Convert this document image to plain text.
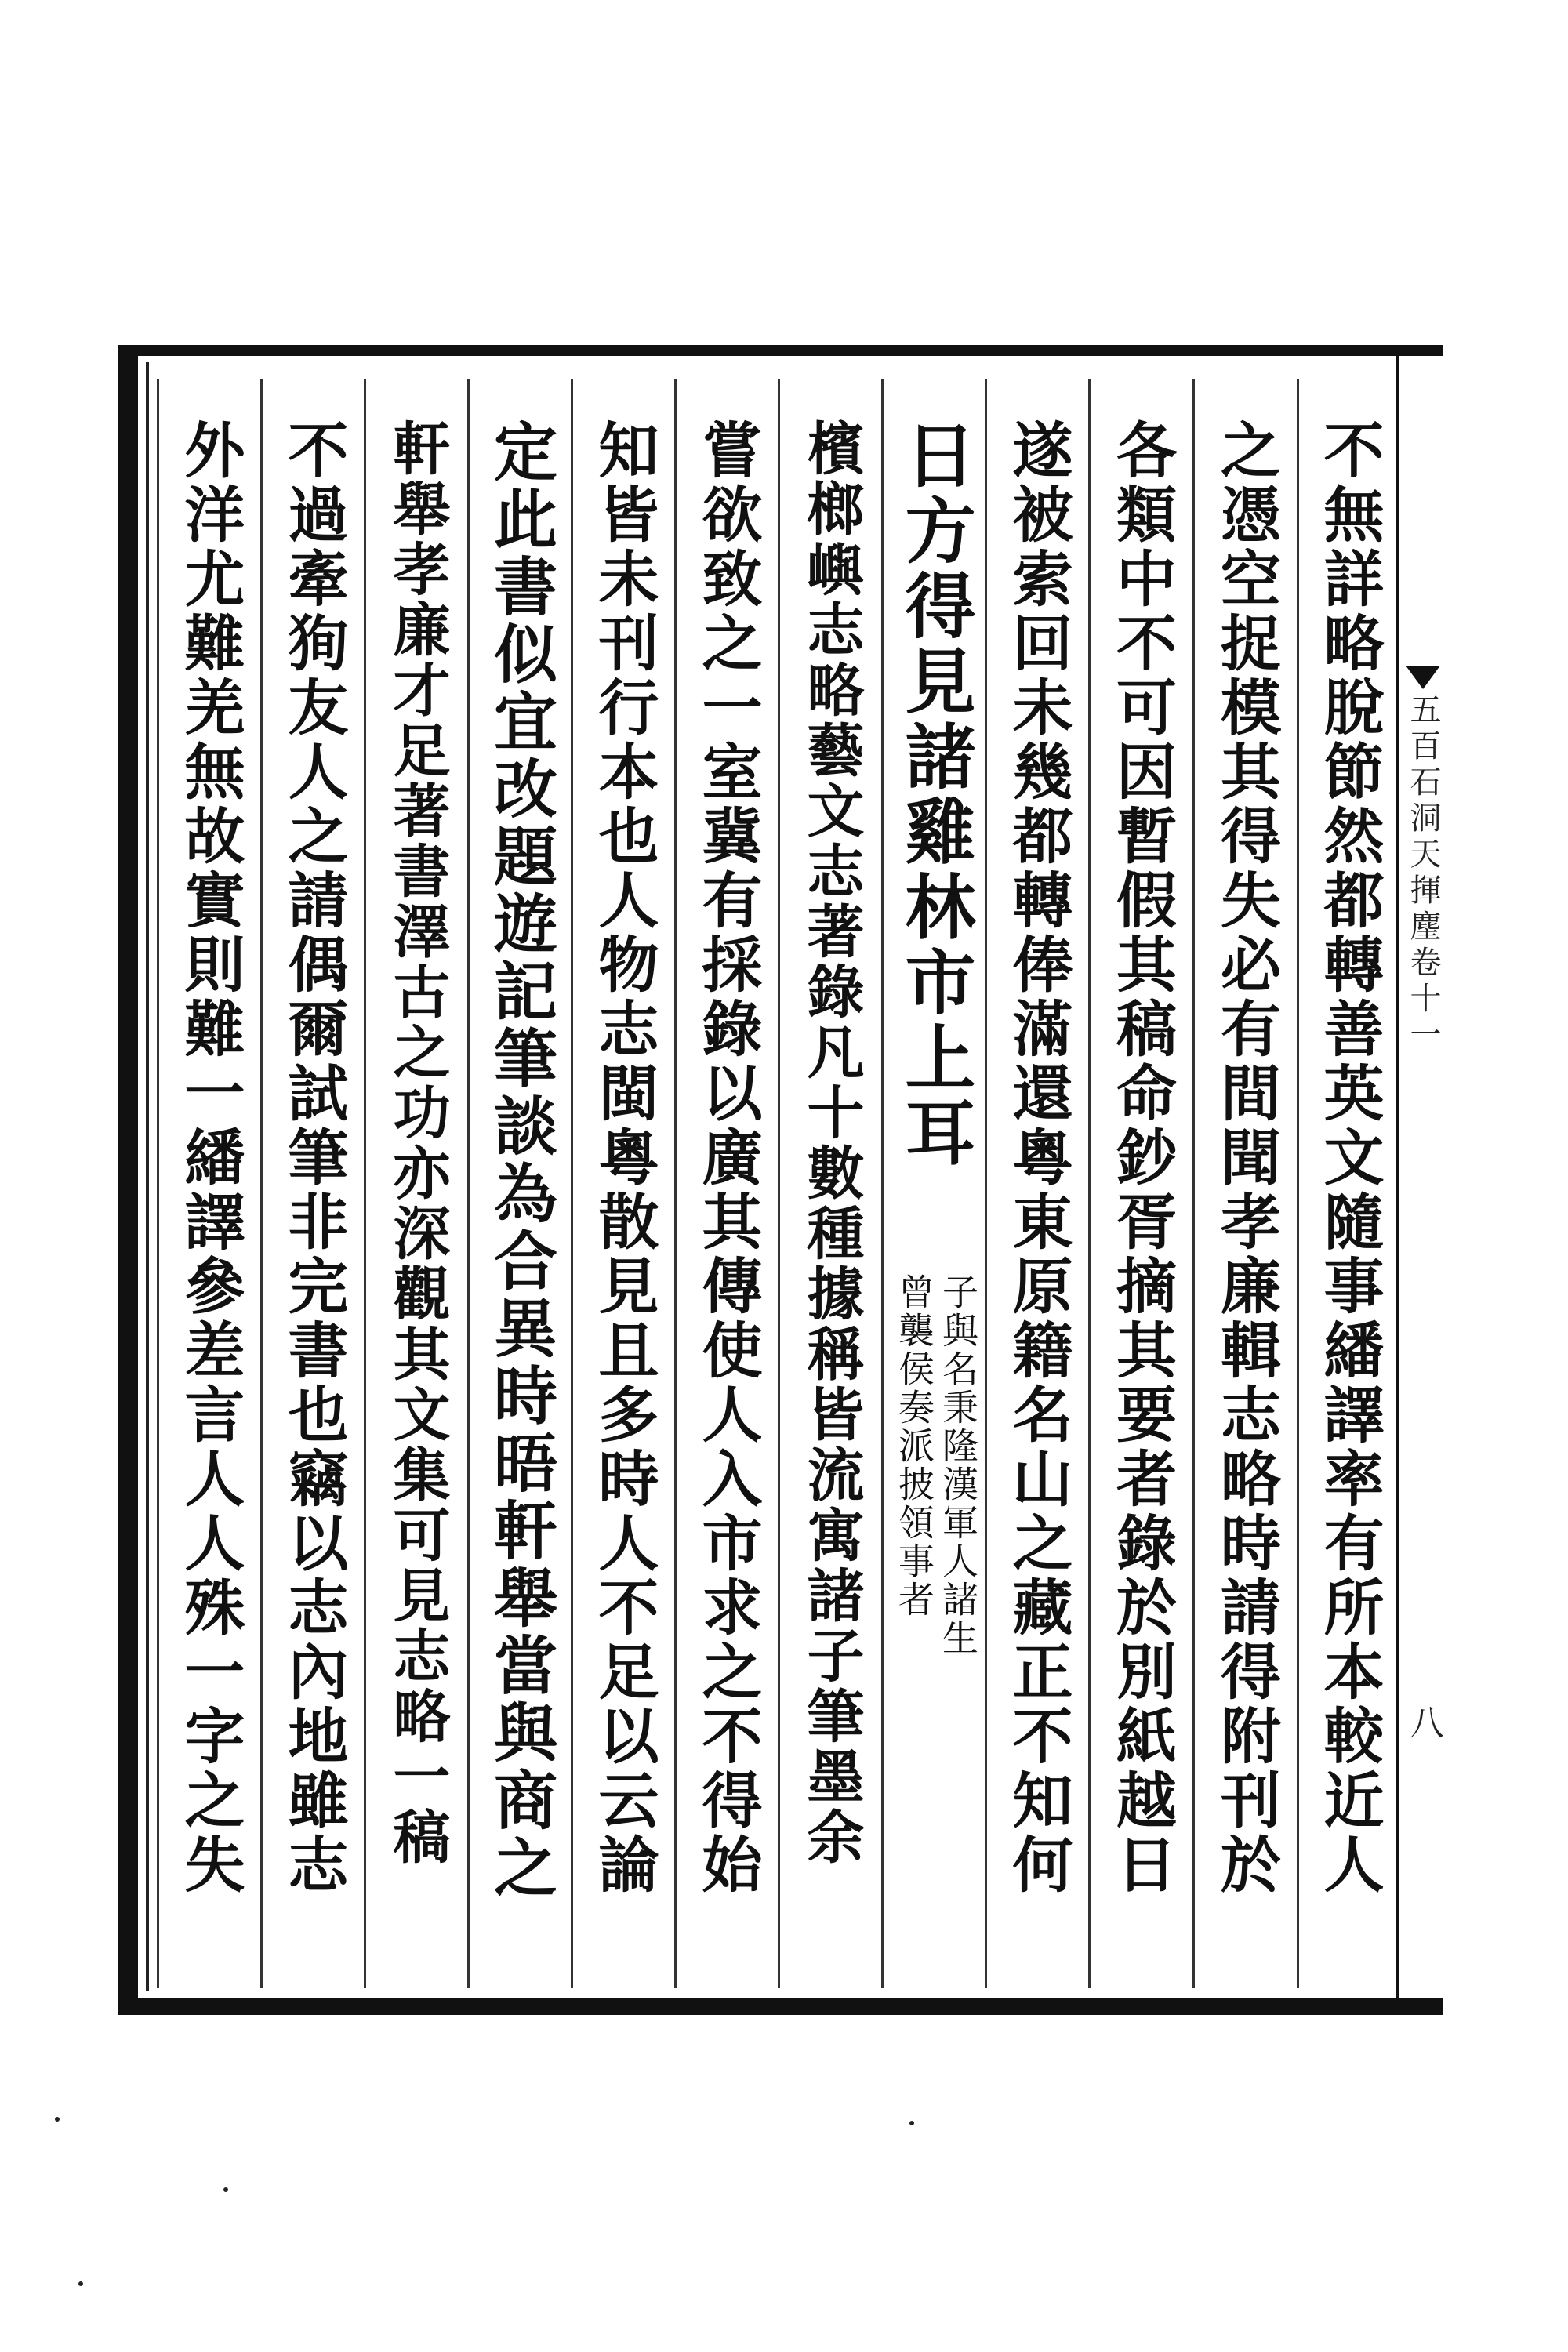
五百石洞天揮麈卷十一
八
不無詳略脫節然都轉善英文隨事繙譯率有所本較近人
之憑空捉模其得失必有間聞孝廉輯志略時請得附刊於
各類中不可因暫假其稿命鈔胥摘其要者錄於別紙越日
遂被索回未幾都轉俸滿還粵東原籍名山之藏正不知何
日方得見諸雞林市上耳
子與名秉隆漢軍人諸生
曾襲侯奏派披領事者
檳榔嶼志略藝文志著錄凡十數種據稱皆流寓諸子筆墨余
嘗欲致之一室冀有採錄以廣其傳使人入市求之不得始
知皆未刊行本也人物志閩粵散見且多時人不足以云論
定此書似宜改題遊記筆談為合異時晤軒舉當與商之
軒舉孝廉才足著書澤古之功亦深觀其文集可見志略一稿
不過牽狥友人之請偶爾試筆非完書也竊以志內地雖志
外洋尤難羌無故實則難一繙譯參差言人人殊一字之失
